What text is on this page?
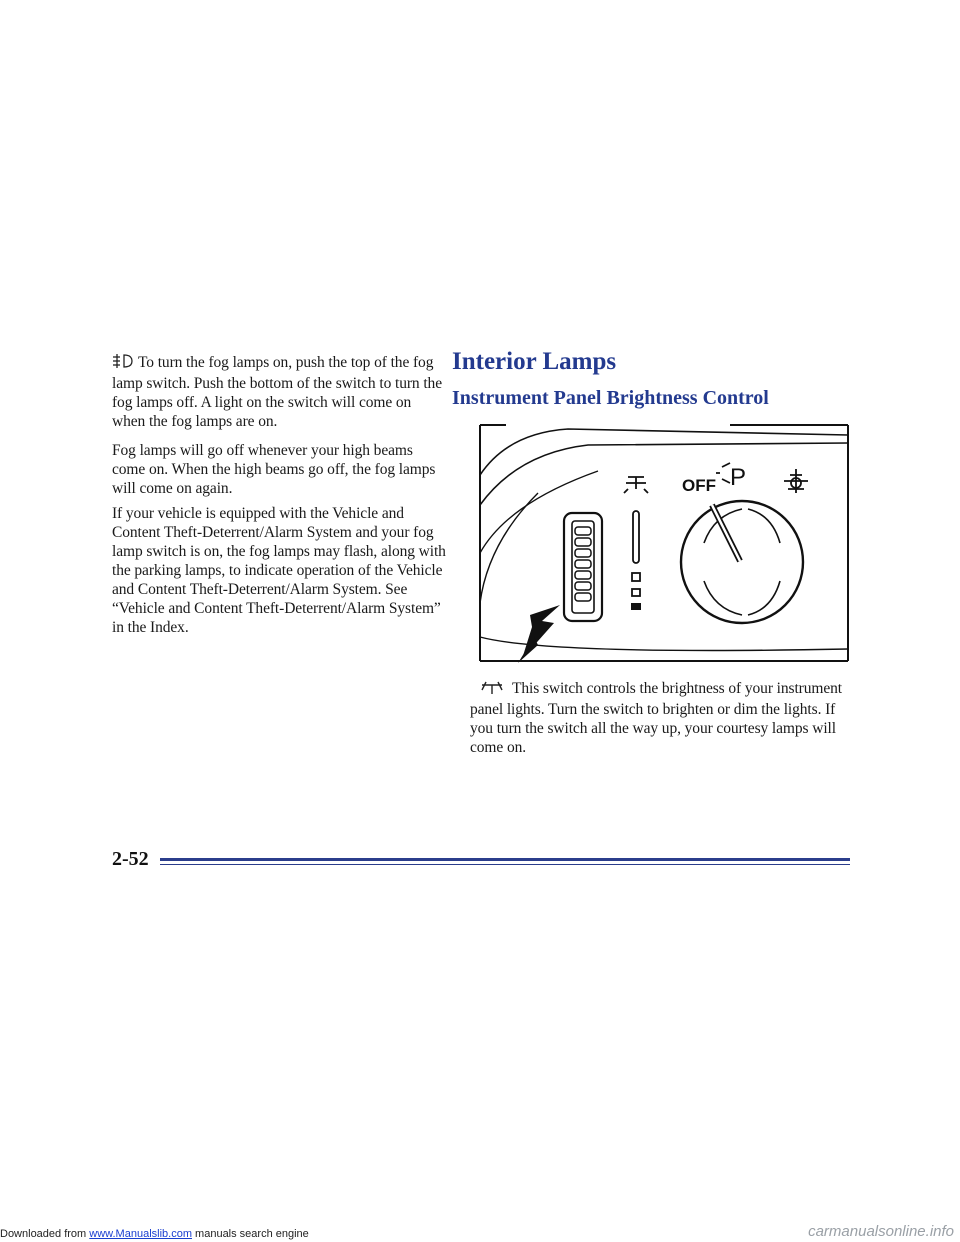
To turn the fog lamps on, push the top of the fog lamp switch. Push the bottom of the switch to turn the fog lamps off. A light on the switch will come on when the fog lamps are on.

Fog lamps will go off whenever your high beams come on. When the high beams go off, the fog lamps will come on again.

If your vehicle is equipped with the Vehicle and Content Theft-Deterrent/Alarm System and your fog lamp switch is on, the fog lamps may flash, along with the parking lamps, to indicate operation of the Vehicle and Content Theft-Deterrent/Alarm System. See “Vehicle and Content Theft-Deterrent/Alarm System” in the Index.

Interior Lamps
Instrument Panel Brightness Control
OFF P

This switch controls the brightness of your instrument panel lights. Turn the switch to brighten or dim the lights. If you turn the switch all the way up, your courtesy lamps will come on.

2-52
Downloaded from www.Manualslib.com manuals search engine	carmanualsonline.info
